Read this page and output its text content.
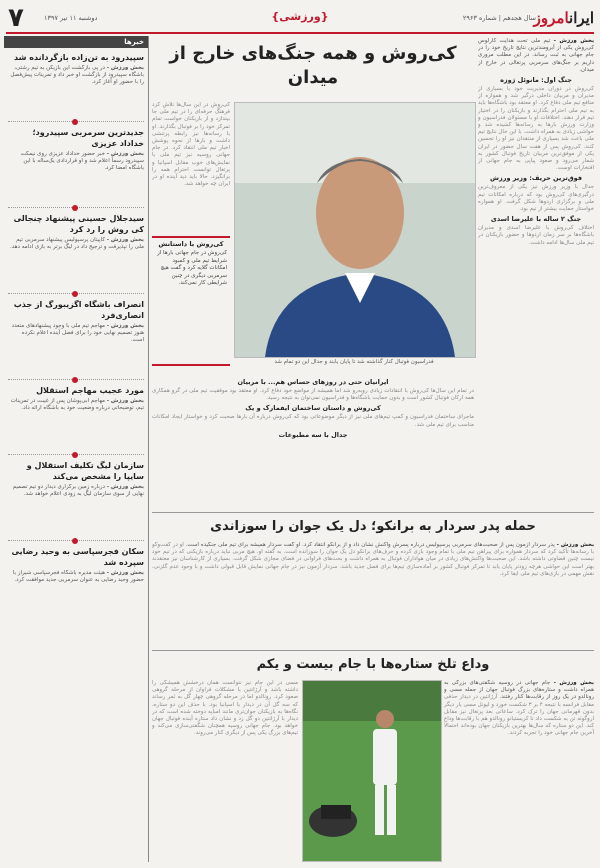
ایرانامروز
سال هجدهم | شماره ۲۹۶۳
{ورزشی}
دوشنبه ۱۱ تیر ۱۳۹۷
۷
خبرها
سپیدرود به تن‌زاده بازگردانده شد

بخش ورزش - در پی بازگشت این بازیکن به تیم رشتی، باشگاه سپیدرود از بازگشت او خبر داد و تمرینات پیش‌فصل را با حضور او آغاز کرد.

جدیدترین سرمربی سپیدرود؛ خداداد عزیزی

بخش ورزش - خبر حضور خداداد عزیزی روی نیمکت سپیدرود رسماً اعلام شد و او قراردادی یک‌ساله با این باشگاه امضا کرد.

سیدجلال حسینی پیشنهاد چنجالی کی روش را رد کرد

بخش ورزش - کاپیتان پرسپولیس پیشنهاد سرمربی تیم ملی را نپذیرفت و ترجیح داد در لیگ برتر به بازی ادامه دهد.

انصراف باشگاه اگزیبورگ از جذب انصاری‌فرد

بخش ورزش - مهاجم تیم ملی با وجود پیشنهادهای متعدد هنوز تصمیم نهایی خود را برای فصل آینده اعلام نکرده است.

مورد عجیب مهاجم استقلال

بخش ورزش - مهاجم آبی‌پوشان پس از غیبت در تمرینات تیم، توضیحاتی درباره وضعیت خود به باشگاه ارائه داد.

سازمان لیگ تکلیف استقلال و سایپا را مشخص می‌کند

بخش ورزش - درباره زمین برگزاری دیدار دو تیم تصمیم نهایی از سوی سازمان لیگ به زودی اعلام خواهد شد.

سکان فجرسپاسی به وحید رضایی سپرده شد

بخش ورزش - هیئت مدیره باشگاه فجرسپاسی شیراز با حضور وحید رضایی به عنوان سرمربی جدید موافقت کرد.

کی‌روش و همه جنگ‌های خارج از میدان
بخش ورزش - تیم ملی تحت هدایت کارلوس کی‌روش یکی از آبرومندترین نتایج تاریخ خود را در جام جهانی به ثبت رساند. در این مطلب مروری داریم بر جنگ‌های سرمربی پرتغالی در خارج از میدان.
جنگ اول: مانوئل ژوزه
کی‌روش در دوران مدیریت خود با بسیاری از مدیران و مربیان داخلی درگیر شد و همواره از منافع تیم ملی دفاع کرد. او معتقد بود باشگاه‌ها باید به تیم ملی احترام بگذارند و بازیکنان را در اختیار تیم قرار دهند. اختلافات او با مسئولان فدراسیون و وزارت ورزش بارها به رسانه‌ها کشیده شد و حواشی زیادی به همراه داشت. با این حال نتایج تیم ملی باعث شد بسیاری از منتقدان نیز او را تحسین کنند. کی‌روش پس از هفت سال حضور در ایران یکی از موفق‌ترین مربیان تاریخ فوتبال کشور به شمار می‌رود و صعود پیاپی به جام جهانی از افتخارات اوست.
فوق‌ترین حریف: وزیر ورزش
جدال با وزیر ورزش نیز یکی از معروف‌ترین درگیری‌های کی‌روش بود که درباره امکانات تیم ملی و برگزاری اردوها شکل گرفت. او همواره خواستار حمایت بیشتر از تیم بود.
جنگ ۲ ساله با علیرضا اسدی
اختلاف کی‌روش با علیرضا اسدی و مدیران باشگاه‌ها بر سر زمان اردوها و حضور بازیکنان در تیم ملی سال‌ها ادامه داشت.
فدراسیون فوتبال کنار گذاشته شد تا پایان یابند و جدال این دو تمام شد
کی‌روش در این سال‌ها تلاش کرد فرهنگ حرفه‌ای را در تیم ملی جا بیندازد و از بازیکنان خواست تمام تمرکز خود را بر فوتبال بگذارند. او با رسانه‌ها نیز رابطه پرتنشی داشت و بارها از نحوه پوشش اخبار تیم ملی انتقاد کرد. در جام جهانی روسیه نیز تیم ملی با نمایش‌های خوب مقابل اسپانیا و پرتغال توانست احترام همه را برانگیزد. حالا باید دید آینده او در ایران چه خواهد شد.
کی‌روش با داستانش
کی‌روش در جام جهانی بارها از شرایط تیم ملی و کمبود امکانات گلایه کرد و گفت هیچ سرمربی دیگری در چنین شرایطی کار نمی‌کند.
ایرانیان حتی در روزهای حساس هم... با مربیان
در تمام این سال‌ها کی‌روش با انتقادات زیادی روبه‌رو شد اما همیشه از مواضع خود دفاع کرد. او معتقد بود موفقیت تیم ملی در گرو همکاری همه ارکان فوتبال کشور است و بدون حمایت باشگاه‌ها و فدراسیون نمی‌توان به نتیجه رسید.
کی‌روش و داستان ساختمان ایفمارک و یک
ماجرای ساختمان فدراسیون و کمپ تیم‌های ملی نیز از دیگر موضوعاتی بود که کی‌روش درباره آن بارها صحبت کرد و خواستار ایجاد امکانات مناسب برای تیم ملی شد.
جدال با سه مطبوعات
حمله پدر سردار به برانکو؛ دل یک جوان را سوزاندی
بخش ورزش - پدر سردار آزمون پس از صحبت‌های سرمربی پرسپولیس درباره پسرش واکنش نشان داد و از برانکو انتقاد کرد. او گفت سردار همیشه برای تیم ملی جنگیده است. او در گفت‌وگو با رسانه‌ها تأکید کرد که سردار همواره برای پیراهن تیم ملی با تمام وجود بازی کرده و حرف‌های برانکو دل یک جوان را سوزانده است. به گفته او، هیچ مربی نباید درباره بازیکنی که در تیم خود نیست چنین قضاوتی داشته باشد. این صحبت‌ها واکنش‌های زیادی در میان هواداران فوتبال به همراه داشت و بحث‌های فراوانی در فضای مجازی شکل گرفت. بسیاری از کارشناسان نیز معتقدند بهتر است این حواشی هرچه زودتر پایان یابد تا تمرکز فوتبال کشور بر آماده‌سازی تیم‌ها برای فصل جدید باشد. سردار آزمون نیز در جام جهانی نمایش قابل قبولی داشت و با وجود عدم گلزنی، نقش مهمی در بازی‌های تیم ملی ایفا کرد.
وداع تلخ ستاره‌ها با جام بیست و یکم
بخش ورزش - جام جهانی در روسیه شگفتی‌های بزرگی به همراه داشت و ستاره‌های بزرگ فوتبال جهان از جمله مسی و رونالدو در یک روز از رقابت‌ها کنار رفتند. آرژانتین در دیدار حذفی مقابل فرانسه با نتیجه ۴ بر ۳ شکست خورد و لیونل مسی بار دیگر بدون قهرمانی جهان را ترک کرد. ساعاتی بعد پرتغال نیز مقابل اروگوئه تن به شکست داد تا کریستیانو رونالدو هم با رقابت‌ها وداع کند. این دو ستاره که سال‌ها بهترین بازیکنان جهان بوده‌اند احتمالاً آخرین جام جهانی خود را تجربه کردند.
مسی در این جام نیز نتوانست همان درخشش همیشگی را داشته باشد و آرژانتین با مشکلات فراوان از مرحله گروهی صعود کرد. رونالدو اما در مرحله گروهی چهار گل به ثمر رساند که سه گل آن در دیدار با اسپانیا بود. با حذف این دو ستاره، نگاه‌ها به بازیکنان جوان‌تری مانند امباپه دوخته شده است که در دیدار با آرژانتین دو گل زد و نشان داد ستاره آینده فوتبال جهان خواهد بود. جام جهانی روسیه همچنان شگفتی‌سازی می‌کند و تیم‌های بزرگ یکی پس از دیگری کنار می‌روند.
